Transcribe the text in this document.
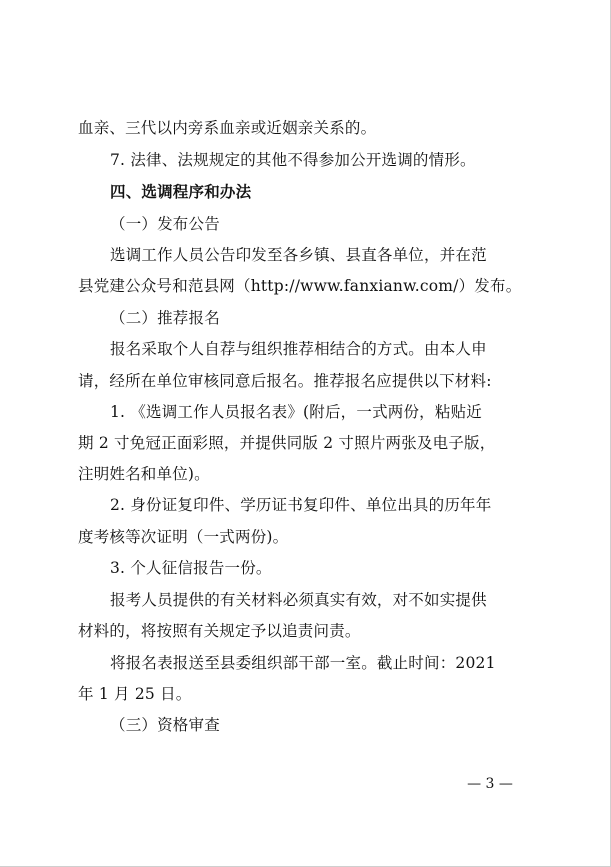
血亲、三代以内旁系血亲或近姻亲关系的。
7. 法律、法规规定的其他不得参加公开选调的情形。
四、选调程序和办法
（一）发布公告
选调工作人员公告印发至各乡镇、县直各单位，并在范
县党建公众号和范县网（http://www.fanxianw.com/）发布。
（二）推荐报名
报名采取个人自荐与组织推荐相结合的方式。由本人申
请，经所在单位审核同意后报名。推荐报名应提供以下材料:
1. 《选调工作人员报名表》(附后，一式两份，粘贴近
期 2 寸免冠正面彩照，并提供同版 2 寸照片两张及电子版，
注明姓名和单位)。
2. 身份证复印件、学历证书复印件、单位出具的历年年
度考核等次证明（一式两份)。
3. 个人征信报告一份。
报考人员提供的有关材料必须真实有效，对不如实提供
材料的，将按照有关规定予以追责问责。
将报名表报送至县委组织部干部一室。截止时间：2021
年 1 月 25 日。
（三）资格审查
— 3 —
